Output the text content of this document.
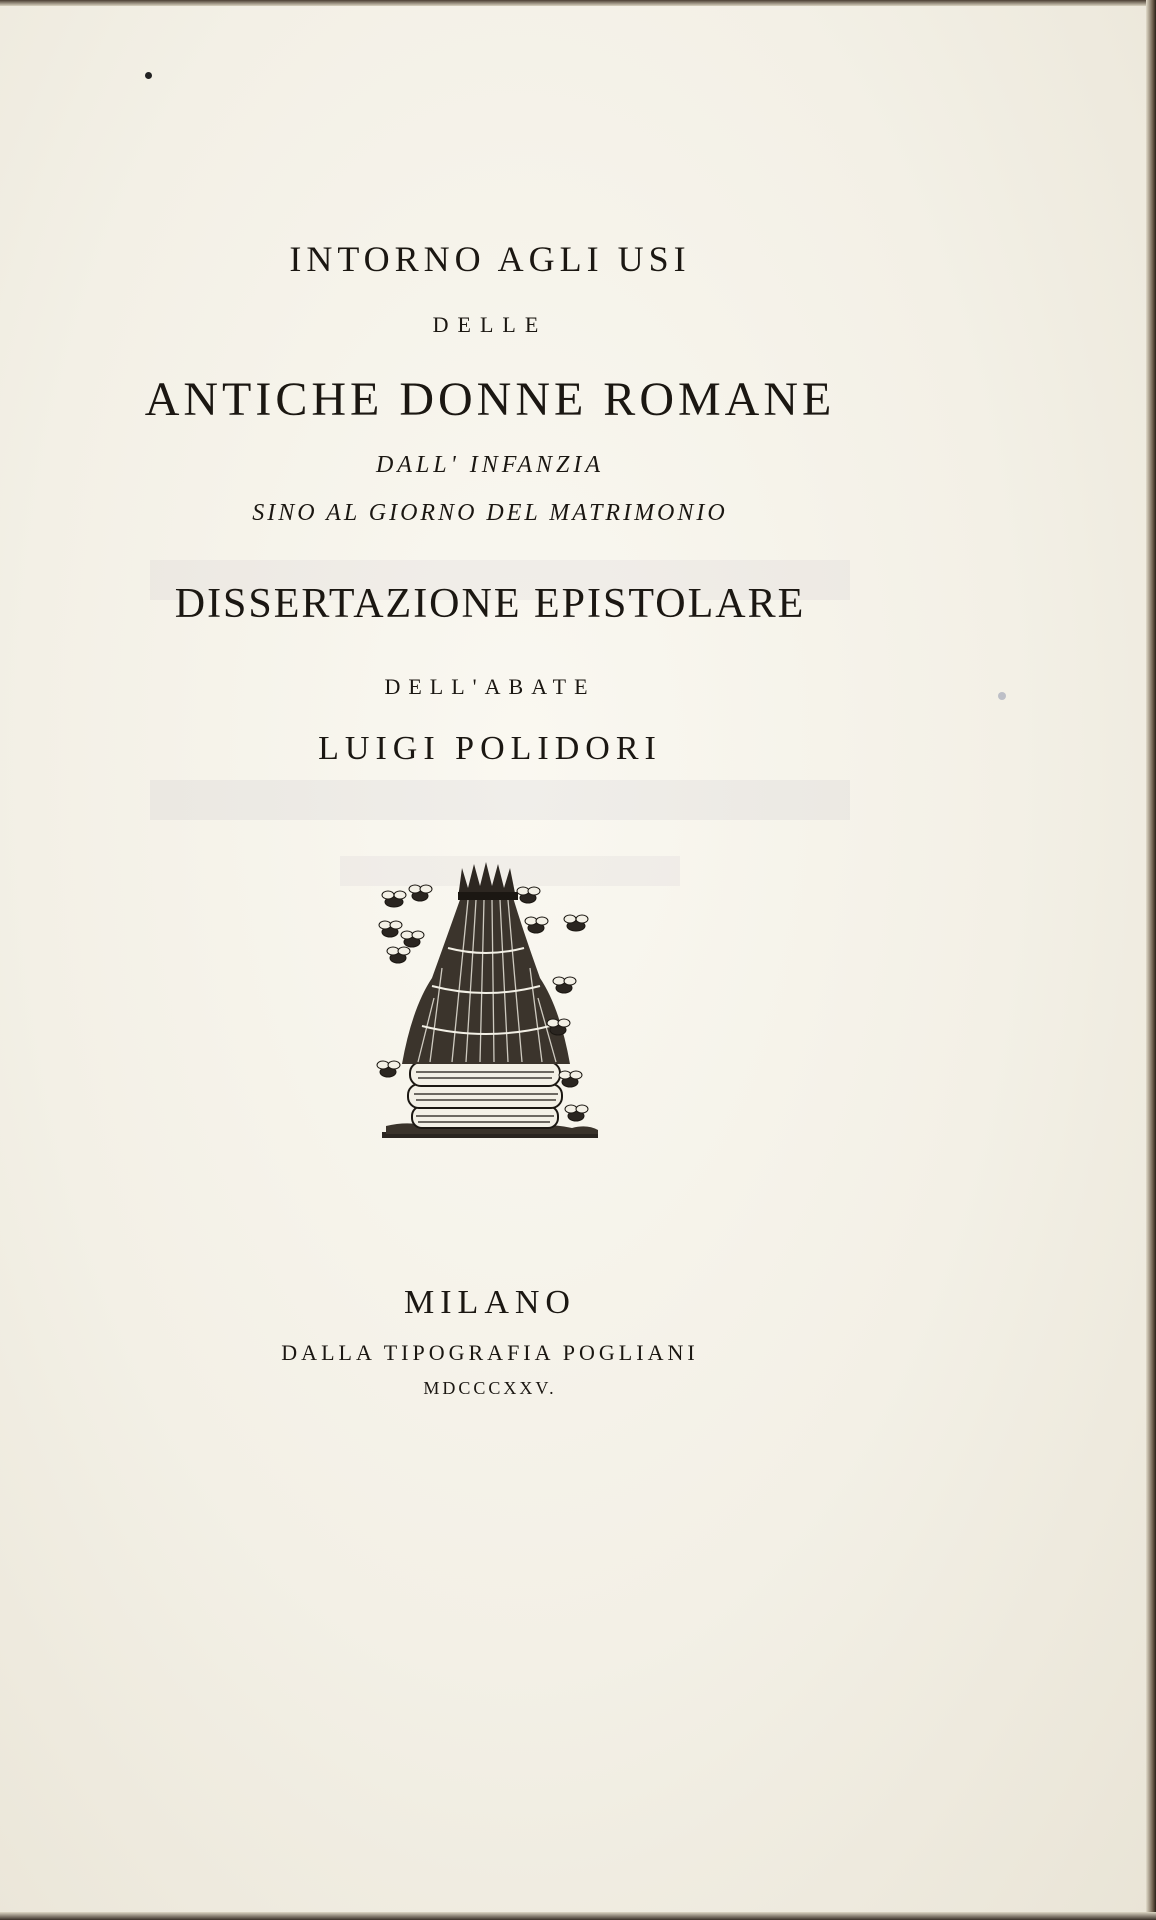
INTORNO AGLI USI
DELLE
ANTICHE DONNE ROMANE
DALL' INFANZIA
SINO AL GIORNO DEL MATRIMONIO
DISSERTAZIONE EPISTOLARE
DELL'ABATE
LUIGI POLIDORI
MILANO
DALLA TIPOGRAFIA POGLIANI
MDCCCXXV.
